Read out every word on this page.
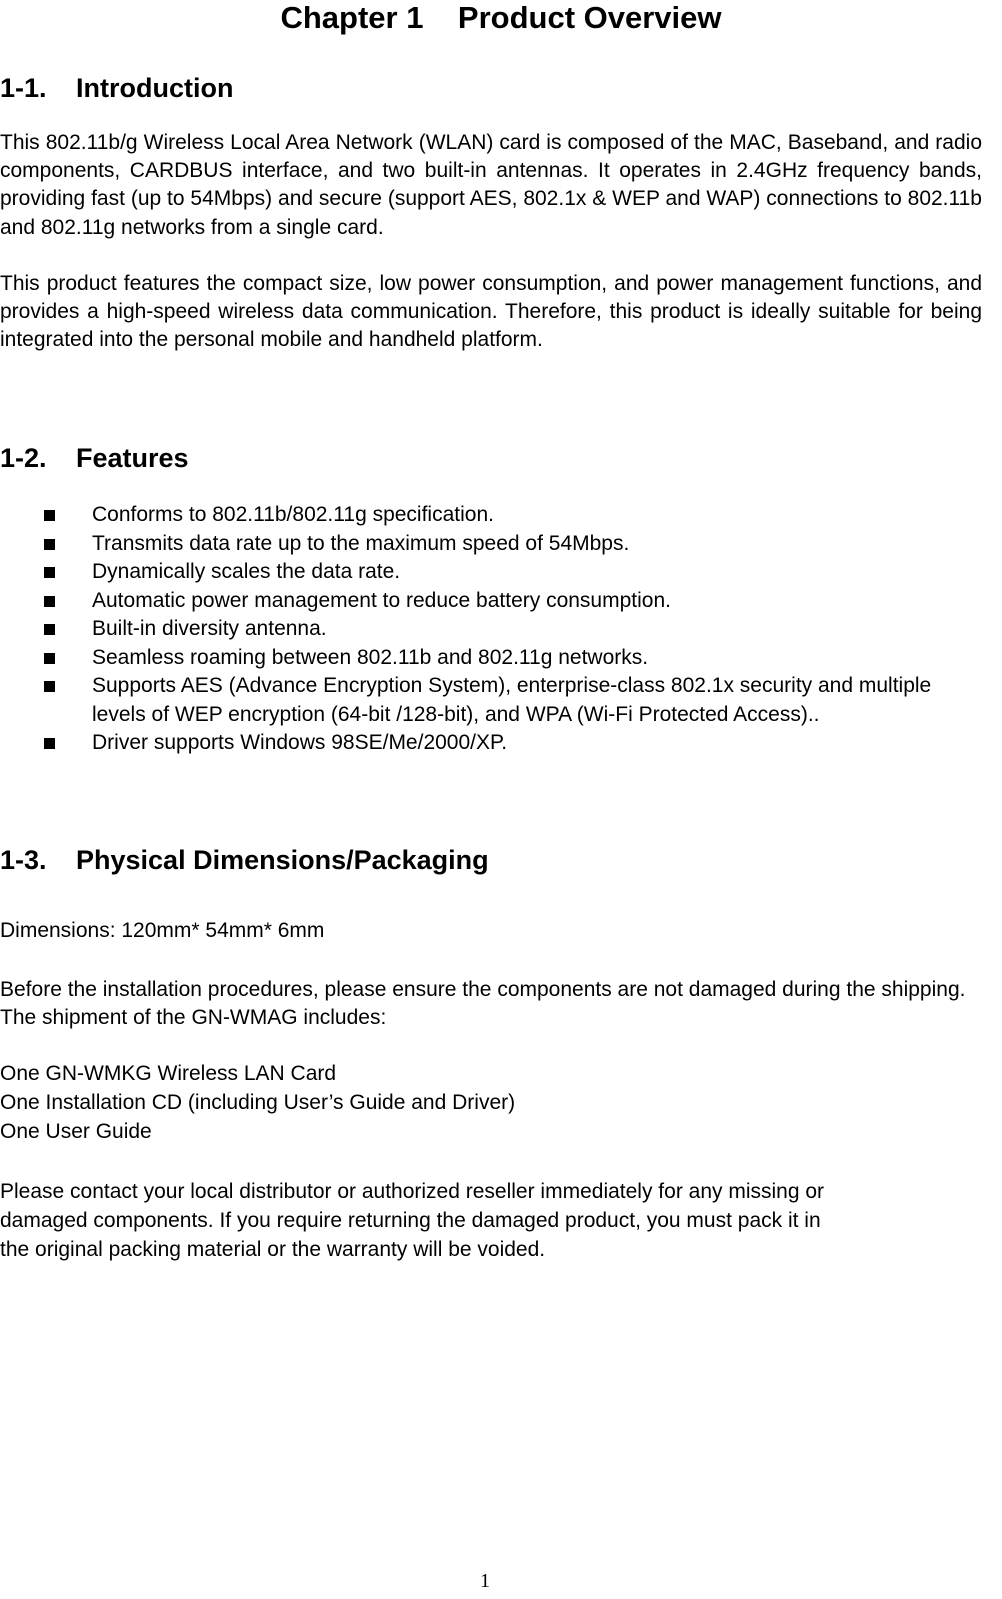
Chapter 1    Product Overview
1-1. Introduction

This 802.11b/g Wireless Local Area Network (WLAN) card is composed of the MAC, Baseband, and radio components, CARDBUS interface, and two built-in antennas. It operates in 2.4GHz frequency bands, providing fast (up to 54Mbps) and secure (support AES, 802.1x & WEP and WAP) connections to 802.11b and 802.11g networks from a single card.

This product features the compact size, low power consumption, and power management functions, and provides a high-speed wireless data communication. Therefore, this product is ideally suitable for being integrated into the personal mobile and handheld platform.

1-2. Features
Conforms to 802.11b/802.11g specification.
Transmits data rate up to the maximum speed of 54Mbps.
Dynamically scales the data rate.
Automatic power management to reduce battery consumption.
Built-in diversity antenna.
Seamless roaming between 802.11b and 802.11g networks.
Supports AES (Advance Encryption System), enterprise-class 802.1x security and multiple levels of WEP encryption (64-bit /128-bit), and WPA (Wi-Fi Protected Access)..
Driver supports Windows 98SE/Me/2000/XP.
1-3. Physical Dimensions/Packaging
Dimensions: 120mm* 54mm* 6mm

Before the installation procedures, please ensure the components are not damaged during the shipping. The shipment of the GN-WMAG includes:

One GN-WMKG Wireless LAN Card
One Installation CD (including User’s Guide and Driver)
One User Guide
Please contact your local distributor or authorized reseller immediately for any missing or
damaged components. If you require returning the damaged product, you must pack it in
the original packing material or the warranty will be voided.
1
